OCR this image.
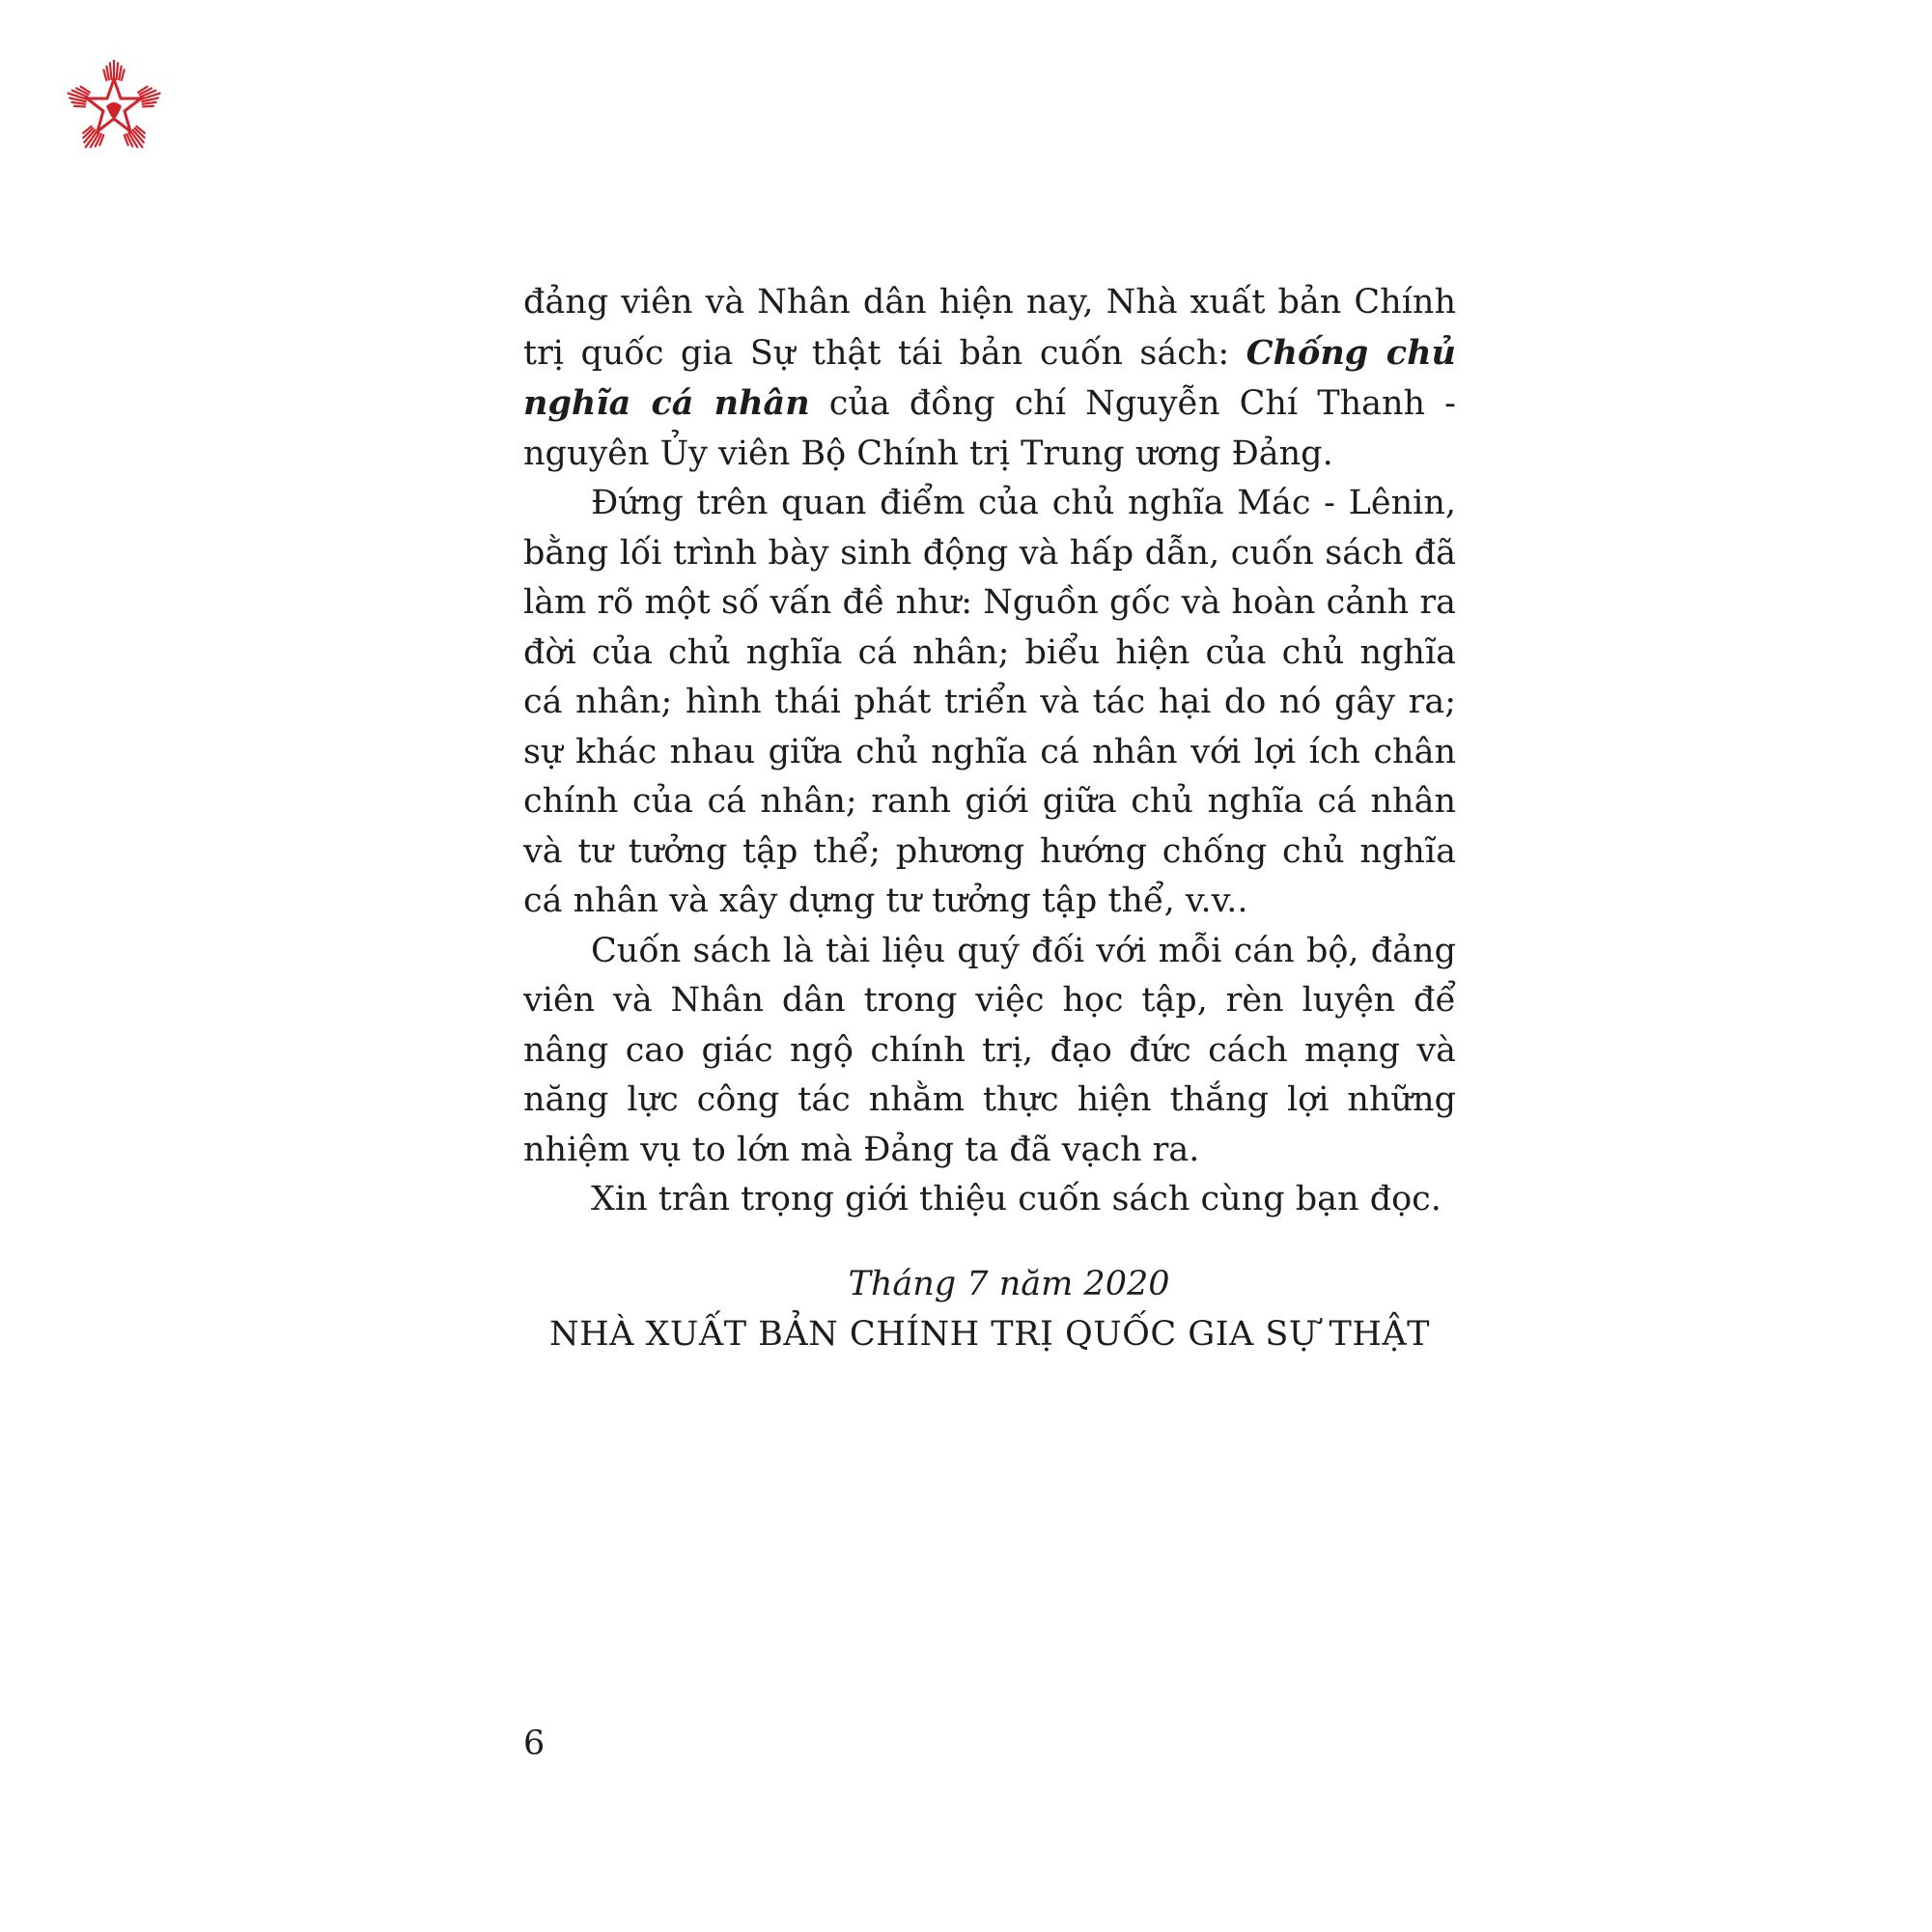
đảng viên và Nhân dân hiện nay, Nhà xuất bản Chính trị quốc gia Sự thật tái bản cuốn sách: Chống chủ nghĩa cá nhân của đồng chí Nguyễn Chí Thanh - nguyên Ủy viên Bộ Chính trị Trung ương Đảng.

Đứng trên quan điểm của chủ nghĩa Mác - Lênin, bằng lối trình bày sinh động và hấp dẫn, cuốn sách đã làm rõ một số vấn đề như: Nguồn gốc và hoàn cảnh ra đời của chủ nghĩa cá nhân; biểu hiện của chủ nghĩa cá nhân; hình thái phát triển và tác hại do nó gây ra; sự khác nhau giữa chủ nghĩa cá nhân với lợi ích chân chính của cá nhân; ranh giới giữa chủ nghĩa cá nhân và tư tưởng tập thể; phương hướng chống chủ nghĩa cá nhân và xây dựng tư tưởng tập thể, v.v..

Cuốn sách là tài liệu quý đối với mỗi cán bộ, đảng viên và Nhân dân trong việc học tập, rèn luyện để nâng cao giác ngộ chính trị, đạo đức cách mạng và năng lực công tác nhằm thực hiện thắng lợi những nhiệm vụ to lớn mà Đảng ta đã vạch ra.

Xin trân trọng giới thiệu cuốn sách cùng bạn đọc.

Tháng 7 năm 2020

NHÀ XUẤT BẢN CHÍNH TRỊ QUỐC GIA SỰ THẬT

6
